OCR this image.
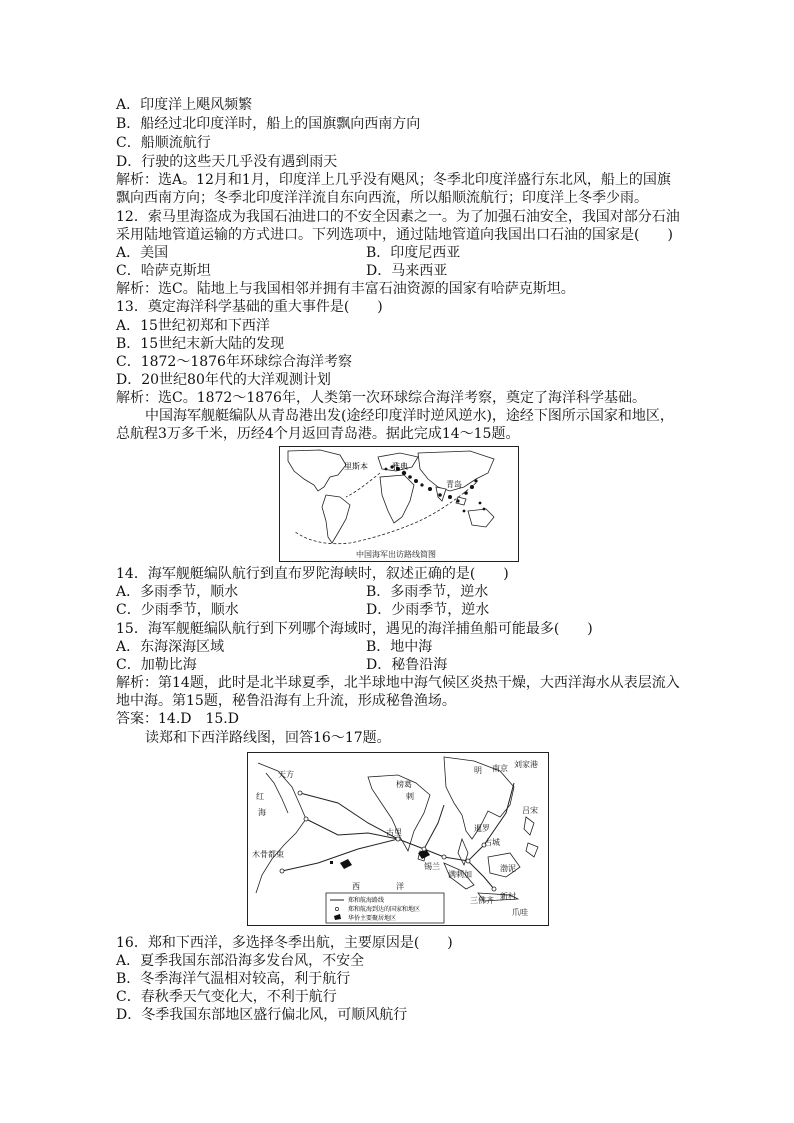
A．印度洋上飓风频繁
B．船经过北印度洋时，船上的国旗飘向西南方向
C．船顺流航行
D．行驶的这些天几乎没有遇到雨天
解析：选A。12月和1月，印度洋上几乎没有飓风；冬季北印度洋盛行东北风，船上的国旗
飘向西南方向；冬季北印度洋洋流自东向西流，所以船顺流航行；印度洋上冬季少雨。
12．索马里海盗成为我国石油进口的不安全因素之一。为了加强石油安全，我国对部分石油
采用陆地管道运输的方式进口。下列选项中，通过陆地管道向我国出口石油的国家是(　　)
A．美国	B．印度尼西亚
C．哈萨克斯坦	D．马来西亚
解析：选C。陆地上与我国相邻并拥有丰富石油资源的国家有哈萨克斯坦。
13．奠定海洋科学基础的重大事件是(　　)
A．15世纪初郑和下西洋
B．15世纪末新大陆的发现
C．1872～1876年环球综合海洋考察
D．20世纪80年代的大洋观测计划
解析：选C。1872～1876年，人类第一次环球综合海洋考察，奠定了海洋科学基础。
中国海军舰艇编队从青岛港出发(途经印度洋时逆风逆水)，途经下图所示国家和地区，
总航程3万多千米，历经4个月返回青岛港。据此完成14～15题。
里斯本	雅典
青岛
中国海军出访路线简图
14．海军舰艇编队航行到直布罗陀海峡时，叙述正确的是(　　)
A．多雨季节，顺水	B．多雨季节，逆水
C．少雨季节，顺水	D．少雨季节，逆水
15．海军舰艇编队航行到下列哪个海域时，遇见的海洋捕鱼船可能最多(　　)
A．东海深海区域	B．地中海
C．加勒比海	D．秘鲁沿海
解析：第14题，此时是北半球夏季，北半球地中海气候区炎热干燥，大西洋海水从表层流入
地中海。第15题，秘鲁沿海有上升流，形成秘鲁渔场。
答案：14.D　15.D
读郑和下西洋路线图，回答16～17题。
天方
红
海
木骨都束
古里
榜葛
剌
明 南京 刘家港
西	洋
暹罗
占城
满剌加
吕宋
三佛齐
渤泥
新村
爪哇
锡兰
郑和航海路线
郑和航海到达的国家和地区
华侨主要聚居地区
16．郑和下西洋，多选择冬季出航，主要原因是(　　)
A．夏季我国东部沿海多发台风，不安全
B．冬季海洋气温相对较高，利于航行
C．春秋季天气变化大，不利于航行
D．冬季我国东部地区盛行偏北风，可顺风航行
